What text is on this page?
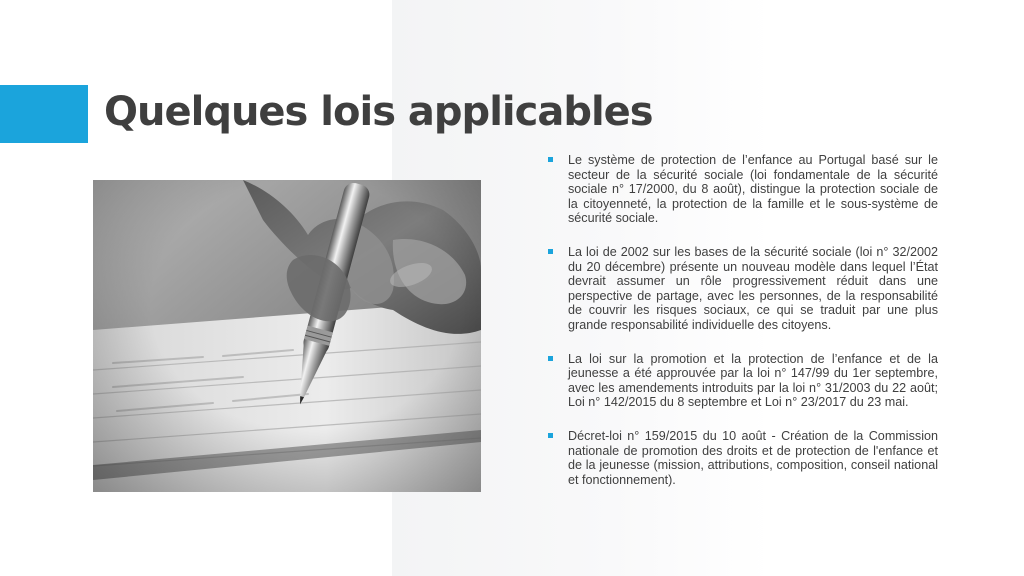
Quelques lois applicables
Le système de protection de l’enfance au Portugal basé sur le secteur de la sécurité sociale (loi fondamentale de la sécurité sociale n° 17/2000, du 8 août), distingue la protection sociale de la citoyenneté, la protection de la famille et le sous-système de sécurité sociale.
La loi de 2002 sur les bases de la sécurité sociale (loi n° 32/2002 du 20 décembre) présente un nouveau modèle dans lequel l’État devrait assumer un rôle progressivement réduit dans une perspective de partage, avec les personnes, de la responsabilité de couvrir les risques sociaux, ce qui se traduit par une plus grande responsabilité individuelle des citoyens.
La loi sur la promotion et la protection de l’enfance et de la jeunesse a été approuvée par la loi n° 147/99 du 1er septembre, avec les amendements introduits par la loi n° 31/2003 du 22 août; Loi n° 142/2015 du 8 septembre et Loi n° 23/2017 du 23 mai.
Décret-loi n° 159/2015 du 10 août - Création de la Commission nationale de promotion des droits et de protection de l'enfance et de la jeunesse (mission, attributions, composition, conseil national et fonctionnement).
